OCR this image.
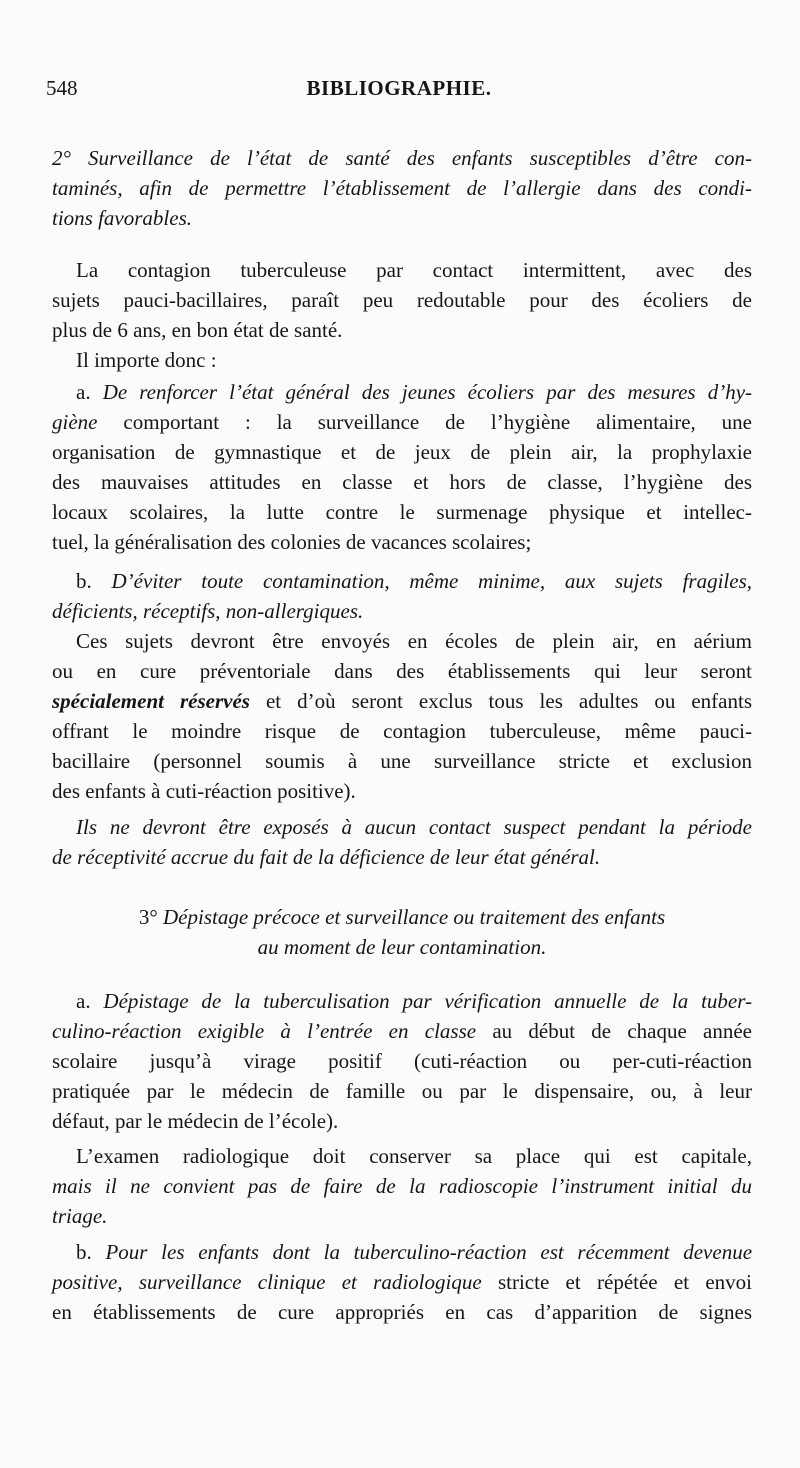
548	BIBLIOGRAPHIE.

2° Surveillance de l’état de santé des enfants susceptibles d’être con-

taminés, afin de permettre l’établissement de l’allergie dans des condi-

tions favorables.

La contagion tuberculeuse par contact intermittent, avec des

sujets pauci-bacillaires, paraît peu redoutable pour des écoliers de

plus de 6 ans, en bon état de santé.

Il importe donc :

a. De renforcer l’état général des jeunes écoliers par des mesures d’hy-

giène comportant : la surveillance de l’hygiène alimentaire, une

organisation de gymnastique et de jeux de plein air, la prophylaxie

des mauvaises attitudes en classe et hors de classe, l’hygiène des

locaux scolaires, la lutte contre le surmenage physique et intellec-

tuel, la généralisation des colonies de vacances scolaires;

b. D’éviter toute contamination, même minime, aux sujets fragiles,

déficients, réceptifs, non-allergiques.

Ces sujets devront être envoyés en écoles de plein air, en aérium

ou en cure préventoriale dans des établissements qui leur seront

spécialement réservés et d’où seront exclus tous les adultes ou enfants

offrant le moindre risque de contagion tuberculeuse, même pauci-

bacillaire (personnel soumis à une surveillance stricte et exclusion

des enfants à cuti-réaction positive).

Ils ne devront être exposés à aucun contact suspect pendant la période

de réceptivité accrue du fait de la déficience de leur état général.

3° Dépistage précoce et surveillance ou traitement des enfants

au moment de leur contamination.

a. Dépistage de la tuberculisation par vérification annuelle de la tuber-

culino-réaction exigible à l’entrée en classe au début de chaque année

scolaire jusqu’à virage positif (cuti-réaction ou per-cuti-réaction

pratiquée par le médecin de famille ou par le dispensaire, ou, à leur

défaut, par le médecin de l’école).

L’examen radiologique doit conserver sa place qui est capitale,

mais il ne convient pas de faire de la radioscopie l’instrument initial du

triage.

b. Pour les enfants dont la tuberculino-réaction est récemment devenue

positive, surveillance clinique et radiologique stricte et répétée et envoi

en établissements de cure appropriés en cas d’apparition de signes
